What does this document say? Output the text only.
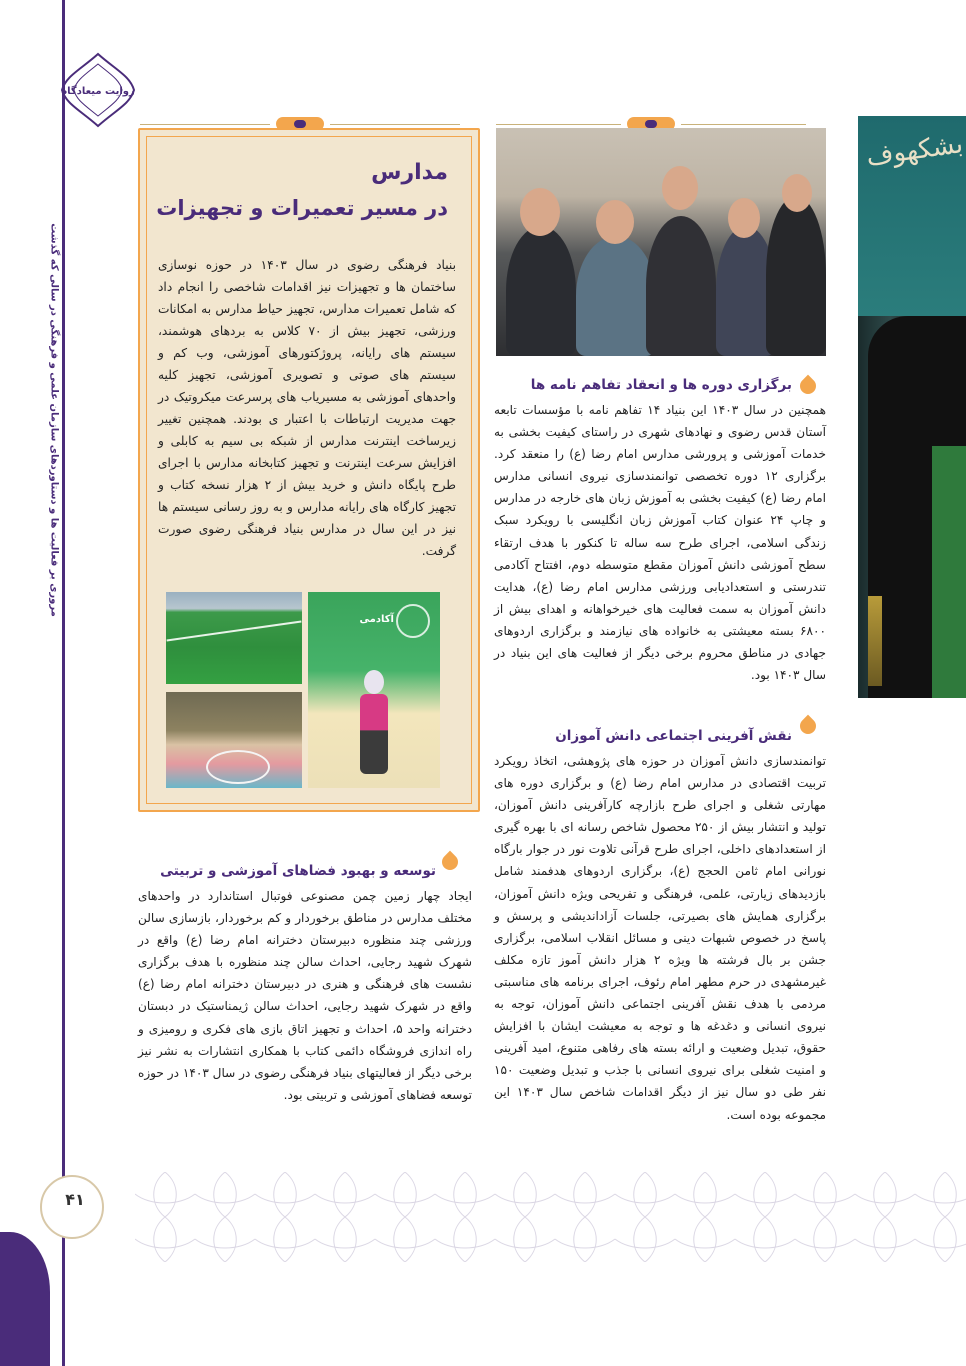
روایت میعادگاه
مروری بر فعالیت ها و دستاوردهای سازمان علمی و فرهنگی در سالی که گذشت
۴۱
مدارس
در مسیر تعمیرات و تجهیزات
بنیاد فرهنگی رضوی در سال ۱۴۰۳ در حوزه نوسازی ساختمان ها و تجهیزات نیز اقدامات شاخصی را انجام داد که شامل تعمیرات مدارس، تجهیز حیاط مدارس به امکانات ورزشی، تجهیز بیش از ۷۰ کلاس به بردهای هوشمند، سیستم های رایانه، پروژکتورهای آموزشی، وب کم و سیستم های صوتی و تصویری آموزشی، تجهیز کلیه واحدهای آموزشی به مسیریاب های پرسرعت میکروتیک در جهت مدیریت ارتباطات با اعتبار ی بودند. همچنین تغییر زیرساخت اینترنت مدارس از شبکه بی سیم به کابلی و افزایش سرعت اینترنت و تجهیز کتابخانه مدارس با اجرای طرح پایگاه دانش و خرید بیش از ۲ هزار نسخه کتاب و تجهیز کارگاه های رایانه مدارس و به روز رسانی سیستم ها نیز در این سال در مدارس بنیاد فرهنگی رضوی صورت گرفت.
آکادمی
بشکهوف
برگزاری دوره ها و انعقاد تفاهم نامه ها
همچنین در سال ۱۴۰۳ این بنیاد ۱۴ تفاهم نامه با مؤسسات تابعه آستان قدس رضوی و نهادهای شهری در راستای کیفیت بخشی به خدمات آموزشی و پرورشی مدارس امام رضا (ع) را منعقد کرد. برگزاری ۱۲ دوره تخصصی توانمندسازی نیروی انسانی مدارس امام رضا (ع) کیفیت بخشی به آموزش زبان های خارجه در مدارس و چاپ ۲۴ عنوان کتاب آموزش زبان انگلیسی با رویکرد سبک زندگی اسلامی، اجرای طرح سه ساله تا کنکور با هدف ارتقاء سطح آموزشی دانش آموزان مقطع متوسطه دوم، افتتاح آکادمی تندرستی و استعدادیابی ورزشی مدارس امام رضا (ع)، هدایت دانش آموزان به سمت فعالیت های خیرخواهانه و اهدای بیش از ۶۸۰۰ بسته معیشتی به خانواده های نیازمند و برگزاری اردوهای جهادی در مناطق محروم برخی دیگر از فعالیت های این بنیاد در سال ۱۴۰۳ بود.
نقش آفرینی اجتماعی دانش آموزان
توانمندسازی دانش آموزان در حوزه های پژوهشی، اتخاذ رویکرد تربیت اقتصادی در مدارس امام رضا (ع) و برگزاری دوره های مهارتی شغلی و اجرای طرح بازارچه کارآفرینی دانش آموزان، تولید و انتشار بیش از ۲۵۰ محصول شاخص رسانه ای با بهره گیری از استعدادهای داخلی، اجرای طرح قرآنی تلاوت نور در جوار بارگاه نورانی امام ثامن الحجج (ع)، برگزاری اردوهای هدفمند شامل بازدیدهای زیارتی، علمی، فرهنگی و تفریحی ویژه دانش آموزان، برگزاری همایش های بصیرتی، جلسات آزاداندیشی و پرسش و پاسخ در خصوص شبهات دینی و مسائل انقلاب اسلامی، برگزاری جشن بر بال فرشته ها ویژه ۲ هزار دانش آموز تازه مکلف غیرمشهدی در حرم مطهر امام رئوف، اجرای برنامه های مناسبتی مردمی با هدف نقش آفرینی اجتماعی دانش آموزان، توجه به نیروی انسانی و دغدغه ها و توجه به معیشت ایشان با افزایش حقوق، تبدیل وضعیت و ارائه بسته های رفاهی متنوع، امید آفرینی و امنیت شغلی برای نیروی انسانی با جذب و تبدیل وضعیت ۱۵۰ نفر طی دو سال نیز از دیگر اقدامات شاخص سال ۱۴۰۳ این مجموعه بوده است.
توسعه و بهبود فضاهای آموزشی و تربیتی
ایجاد چهار زمین چمن مصنوعی فوتبال استاندارد در واحدهای مختلف مدارس در مناطق برخوردار و کم برخوردار، بازسازی سالن ورزشی چند منظوره دبیرستان دخترانه امام رضا (ع) واقع در شهرک شهید رجایی، احداث سالن چند منظوره با هدف برگزاری نشست های فرهنگی و هنری در دبیرستان دخترانه امام رضا (ع) واقع در شهرک شهید رجایی، احداث سالن ژیمناستیک در دبستان دخترانه واحد ۵، احداث و تجهیز اتاق بازی های فکری و رومیزی و راه اندازی فروشگاه دائمی کتاب با همکاری انتشارات به نشر نیز برخی دیگر از فعالیتهای بنیاد فرهنگی رضوی در سال ۱۴۰۳ در حوزه توسعه فضاهای آموزشی و تربیتی بود.
